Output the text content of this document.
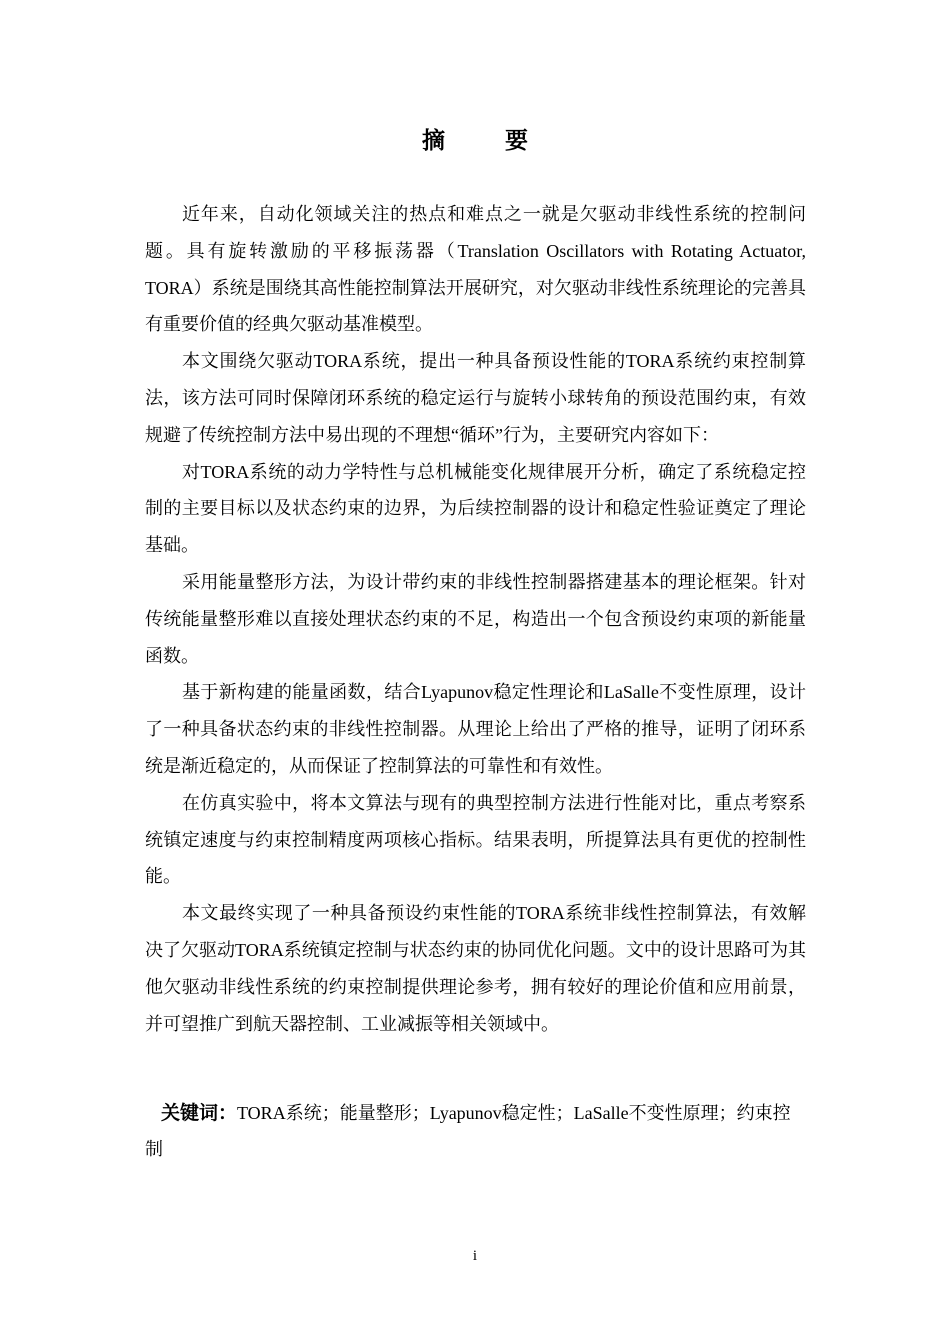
摘 要

近年来，自动化领域关注的热点和难点之一就是欠驱动非线性系统的控制问题。具有旋转激励的平移振荡器（Translation Oscillators with Rotating Actuator, TORA）系统是围绕其高性能控制算法开展研究，对欠驱动非线性系统理论的完善具有重要价值的经典欠驱动基准模型。

本文围绕欠驱动TORA系统，提出一种具备预设性能的TORA系统约束控制算法，该方法可同时保障闭环系统的稳定运行与旋转小球转角的预设范围约束，有效规避了传统控制方法中易出现的不理想“循环”行为，主要研究内容如下：

对TORA系统的动力学特性与总机械能变化规律展开分析，确定了系统稳定控制的主要目标以及状态约束的边界，为后续控制器的设计和稳定性验证奠定了理论基础。

采用能量整形方法，为设计带约束的非线性控制器搭建基本的理论框架。针对传统能量整形难以直接处理状态约束的不足，构造出一个包含预设约束项的新能量函数。

基于新构建的能量函数，结合Lyapunov稳定性理论和LaSalle不变性原理，设计了一种具备状态约束的非线性控制器。从理论上给出了严格的推导，证明了闭环系统是渐近稳定的，从而保证了控制算法的可靠性和有效性。

在仿真实验中，将本文算法与现有的典型控制方法进行性能对比，重点考察系统镇定速度与约束控制精度两项核心指标。结果表明，所提算法具有更优的控制性能。

本文最终实现了一种具备预设约束性能的TORA系统非线性控制算法，有效解决了欠驱动TORA系统镇定控制与状态约束的协同优化问题。文中的设计思路可为其他欠驱动非线性系统的约束控制提供理论参考，拥有较好的理论价值和应用前景，并可望推广到航天器控制、工业减振等相关领域中。

关键词：TORA系统；能量整形；Lyapunov稳定性；LaSalle不变性原理；约束控制
i
